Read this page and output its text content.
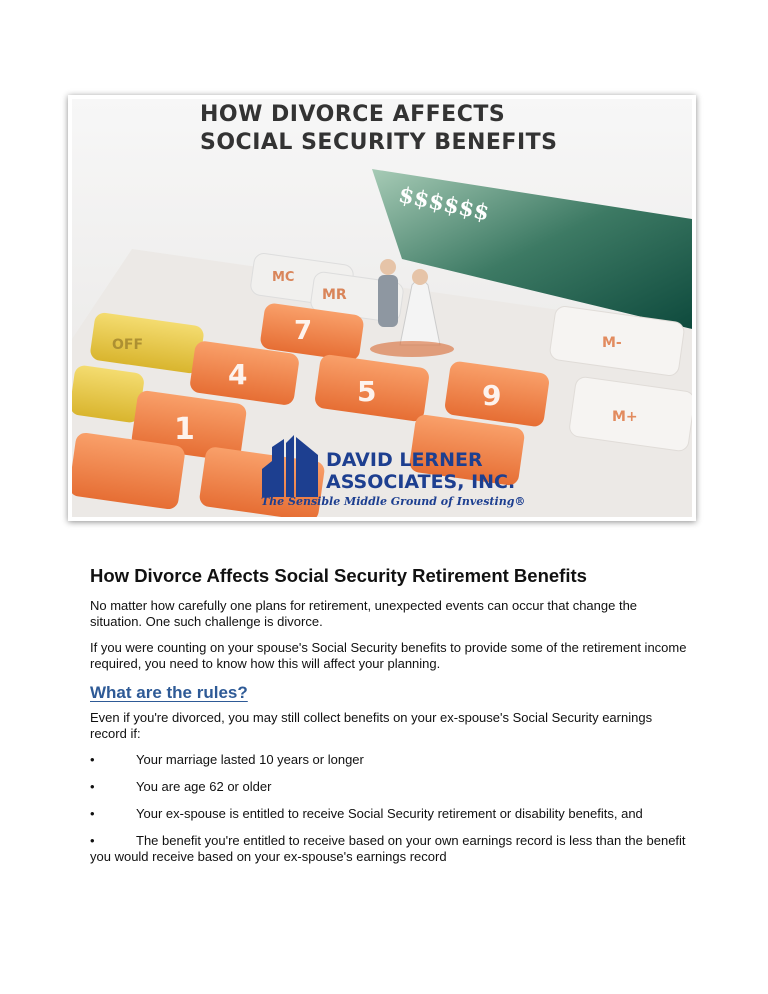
7
4
5
1
9
MR
OFF	M-
M+
MC
HOW DIVORCE AFFECTS
SOCIAL SECURITY BENEFITS
$$$$$$
DAVID LERNER
ASSOCIATES, INC.
The Sensible Middle Ground of Investing®
How Divorce Affects Social Security Retirement Benefits

No matter how carefully one plans for retirement, unexpected events can occur that change the situation. One such challenge is divorce.

If you were counting on your spouse's Social Security benefits to provide some of the retirement income required, you need to know how this will affect your planning.

What are the rules?

Even if you're divorced, you may still collect benefits on your ex-spouse's Social Security earnings record if:

•	Your marriage lasted 10 years or longer
•	You are age 62 or older
•	Your ex-spouse is entitled to receive Social Security retirement or disability benefits, and
•	The benefit you're entitled to receive based on your own earnings record is less than the benefit you would receive based on your ex-spouse's earnings record
